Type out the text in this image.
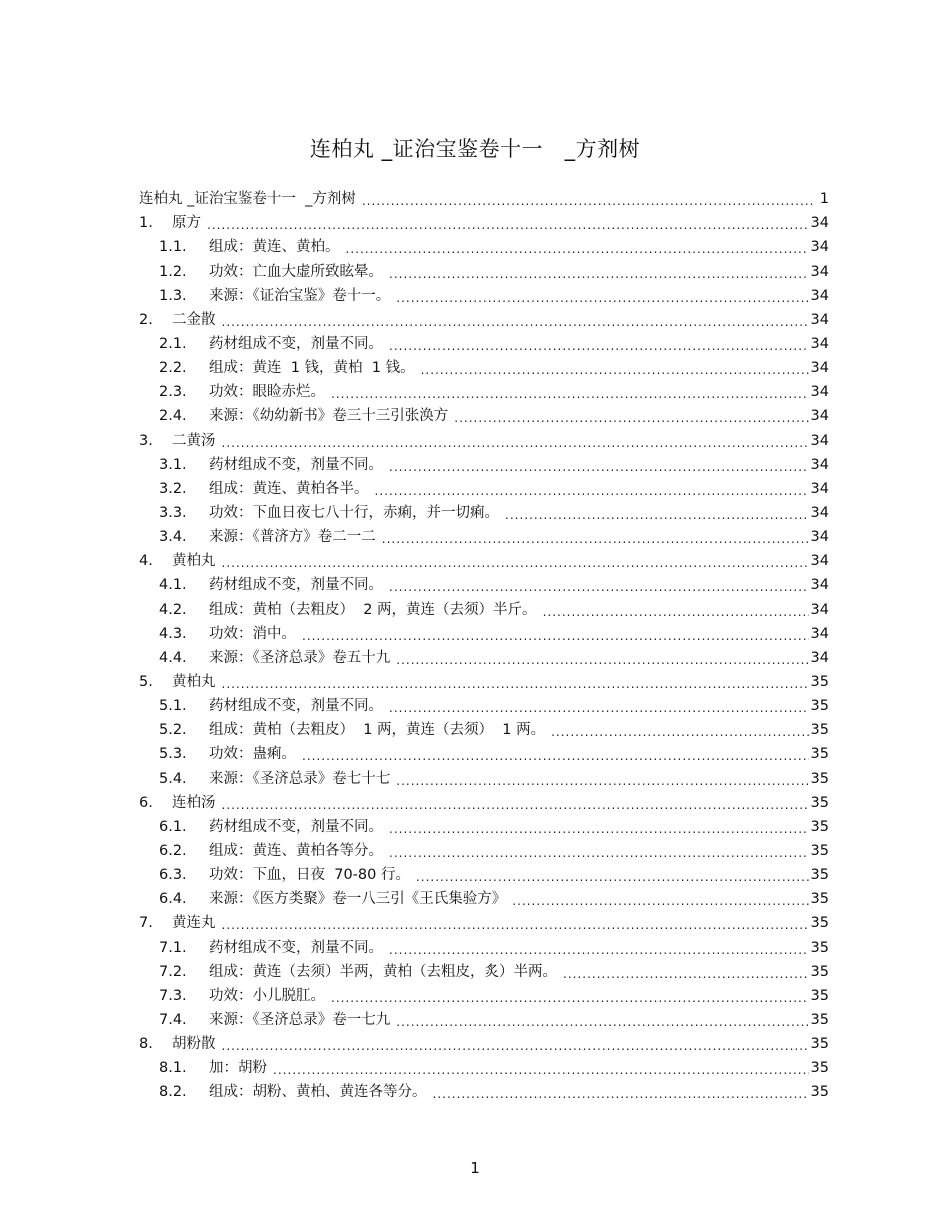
连柏丸 _证治宝鉴卷十一   _方剂树
连柏丸 _证治宝鉴卷十一  _方剂树 .....	1
1.	原方 .....	34
1.1.	组成：黄连、黄柏。 .....	34
1.2.	功效：亡血大虚所致眩晕。 .....	34
1.3.	来源：《证治宝鉴》卷十一。 .....	34
2.	二金散 .....	34
2.1.	药材组成不变，剂量不同。 .....	34
2.2.	组成：黄连  1 钱，黄柏  1 钱。 .....	34
2.3.	功效：眼睑赤烂。 .....	34
2.4.	来源：《幼幼新书》卷三十三引张涣方 .....	34
3.	二黄汤 .....	34
3.1.	药材组成不变，剂量不同。 .....	34
3.2.	组成：黄连、黄柏各半。 .....	34
3.3.	功效：下血日夜七八十行，赤痢，并一切痢。 .....	34
3.4.	来源：《普济方》卷二一二 .....	34
4.	黄柏丸 .....	34
4.1.	药材组成不变，剂量不同。 .....	34
4.2.	组成：黄柏（去粗皮）  2 两，黄连（去须）半斤。 .....	34
4.3.	功效：消中。 .....	34
4.4.	来源：《圣济总录》卷五十九 .....	34
5.	黄柏丸 .....	35
5.1.	药材组成不变，剂量不同。 .....	35
5.2.	组成：黄柏（去粗皮）  1 两，黄连（去须）  1 两。 .....	35
5.3.	功效：蛊痢。 .....	35
5.4.	来源：《圣济总录》卷七十七 .....	35
6.	连柏汤 .....	35
6.1.	药材组成不变，剂量不同。 .....	35
6.2.	组成：黄连、黄柏各等分。 .....	35
6.3.	功效：下血，日夜  70-80 行。 .....	35
6.4.	来源：《医方类聚》卷一八三引《王氏集验方》 .....	35
7.	黄连丸 .....	35
7.1.	药材组成不变，剂量不同。 .....	35
7.2.	组成：黄连（去须）半两，黄柏（去粗皮，炙）半两。 .....	35
7.3.	功效：小儿脱肛。 .....	35
7.4.	来源：《圣济总录》卷一七九 .....	35
8.	胡粉散 .....	35
8.1.	加：胡粉 .....	35
8.2.	组成：胡粉、黄柏、黄连各等分。 .....	35
1
